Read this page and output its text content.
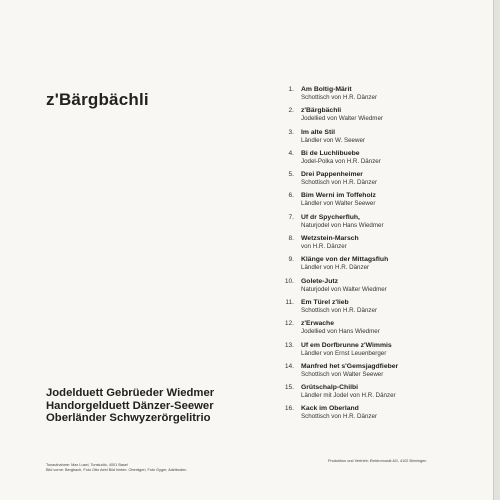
z'Bärgbächli
1. Am Boltig-Märit
Schottisch von H.R. Dänzer
2. z'Bärgbächli
Jodellied von Walter Wiedmer
3. Im alte Stil
Ländler von W. Seewer
4. Bi de Luchlibuebe
Jodel-Polka von H.R. Dänzer
5. Drei Pappenheimer
Schottisch von H.R. Dänzer
6. Bim Werni im Toffeholz
Ländler von Walter Seewer
7. Uf dr Spycherfluh,
Naturjodel von Hans Wiedmer
8. Wetzstein-Marsch
von H.R. Dänzer
9. Klänge von der Mittagsfluh
Ländler von H.R. Dänzer
10. Golete-Jutz
Naturjodel von Walter Wiedmer
11. Em Türel z'lieb
Schottisch von H.R. Dänzer
12. z'Erwache
Jodellied von Hans Wiedmer
13. Uf em Dorfbrunne z'Wimmis
Ländler von Ernst Leuenberger
14. Manfred het s'Gemsjagdfieber
Schottisch von Walter Seewer
15. Grütschalp-Chilbi
Ländler mit Jodel von H.R. Dänzer
16. Kack im Oberland
Schottisch von H.R. Dänzer
Jodelduett Gebrüeder Wiedmer
Handorgelduett Dänzer-Seewer
Oberländer Schwyzerörgelitrio
Tonaufnahme: Max Lusel, Tonstudio, 4001 Basel
Bild vorne: Bergbach, Foto Otto Aebi Bild hinten: Oberägeri, Foto Gyger, Adelboden
Produktion und Vertrieb: Elektromusik AG, 4102 Binningen
